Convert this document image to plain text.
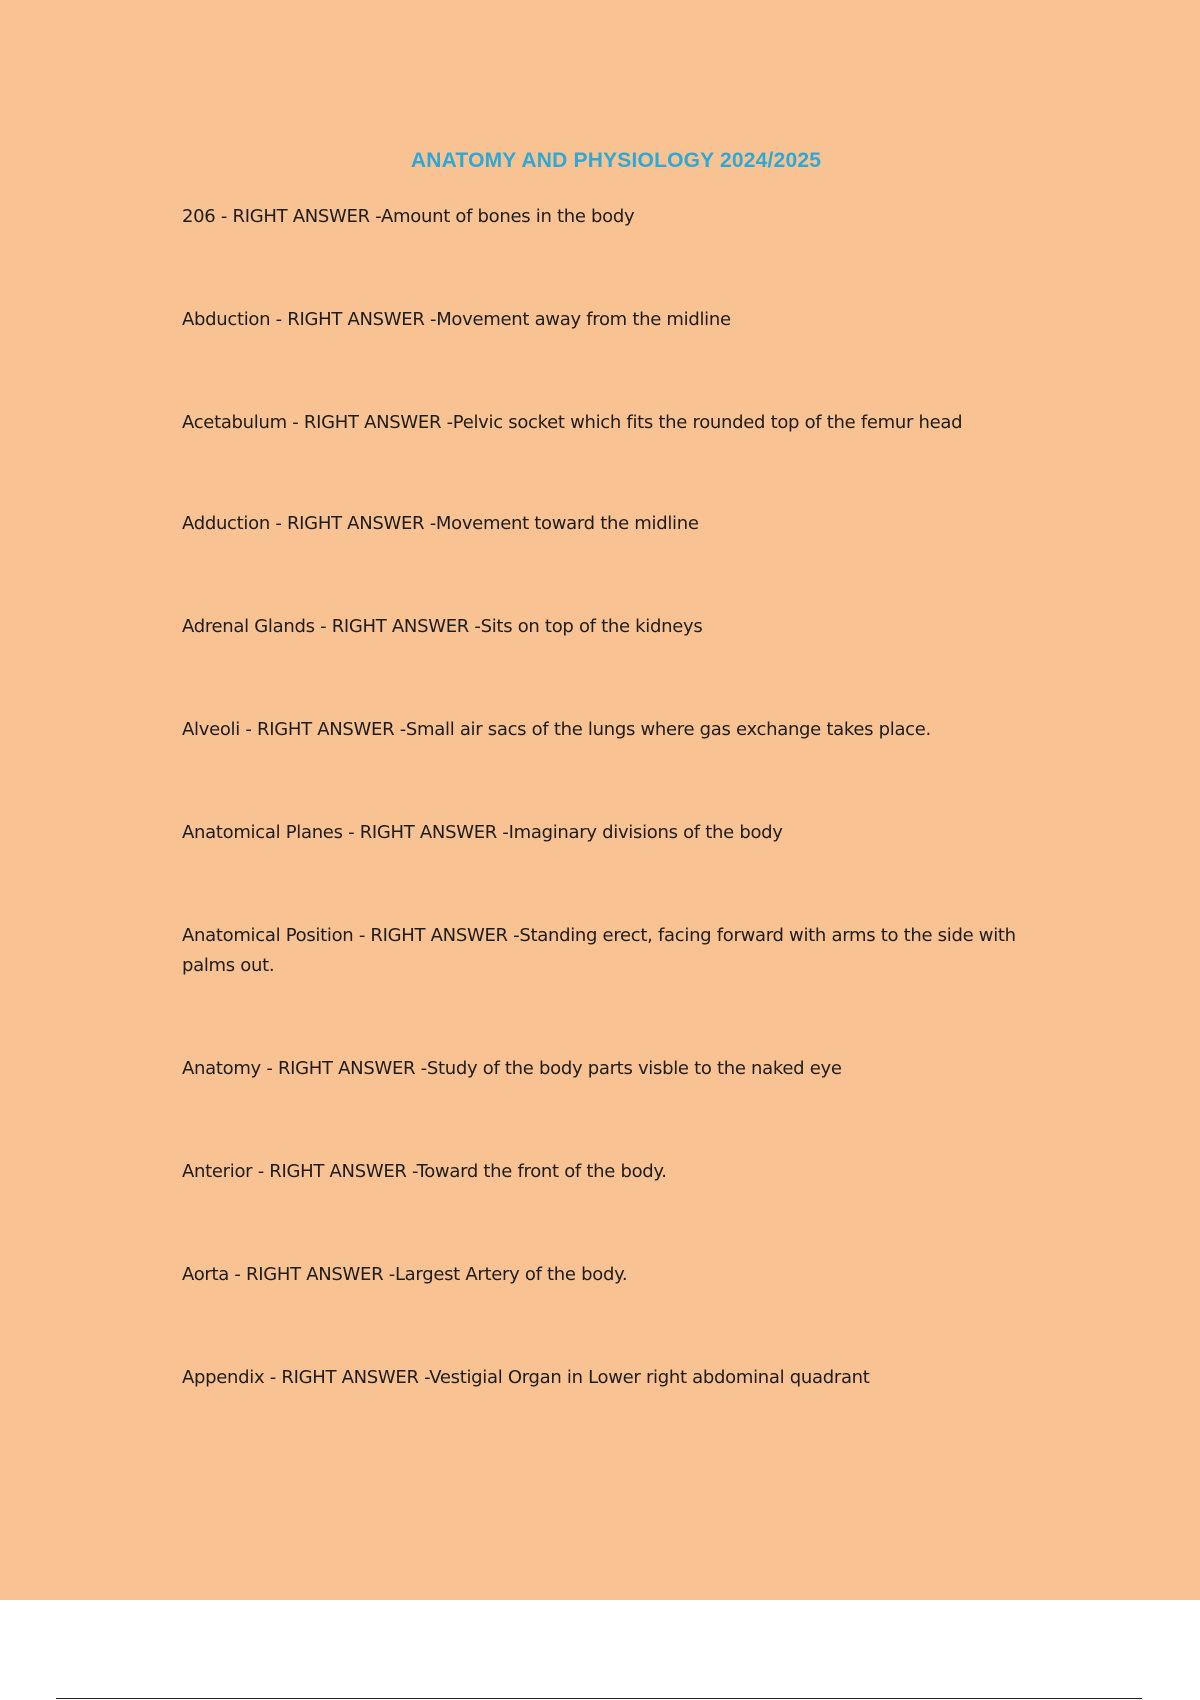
ANATOMY AND PHYSIOLOGY 2024/2025
206 - RIGHT ANSWER -Amount of bones in the body
Abduction - RIGHT ANSWER -Movement away from the midline
Acetabulum - RIGHT ANSWER -Pelvic socket which fits the rounded top of the femur head
Adduction - RIGHT ANSWER -Movement toward the midline
Adrenal Glands - RIGHT ANSWER -Sits on top of the kidneys
Alveoli - RIGHT ANSWER -Small air sacs of the lungs where gas exchange takes place.
Anatomical Planes - RIGHT ANSWER -Imaginary divisions of the body
Anatomical Position - RIGHT ANSWER -Standing erect, facing forward with arms to the side with palms out.
Anatomy - RIGHT ANSWER -Study of the body parts visble to the naked eye
Anterior - RIGHT ANSWER -Toward the front of the body.
Aorta - RIGHT ANSWER -Largest Artery of the body.
Appendix - RIGHT ANSWER -Vestigial Organ in Lower right abdominal quadrant
